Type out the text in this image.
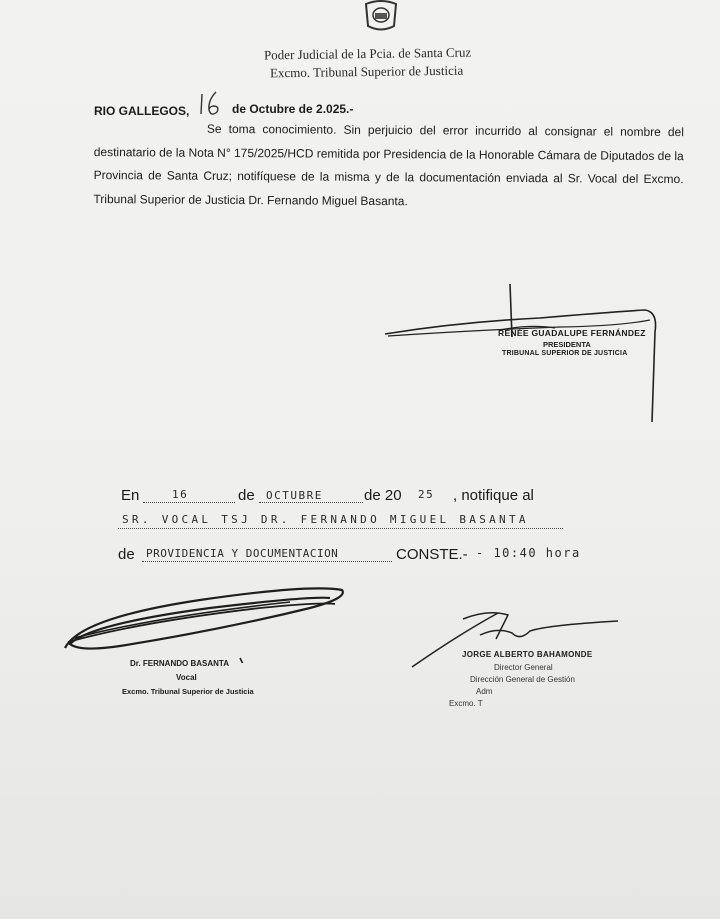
Poder Judicial de la Pcia. de Santa Cruz
Excmo. Tribunal Superior de Justicia
RIO GALLEGOS,	de Octubre de 2.025.-
Se toma conocimiento. Sin perjuicio del error incurrido al consignar el nombre del destinatario de la Nota N° 175/2025/HCD remitida por Presidencia de la Honorable Cámara de Diputados de la Provincia de Santa Cruz; notifíquese de la misma y de la documentación enviada al Sr. Vocal del Excmo. Tribunal Superior de Justicia Dr. Fernando Miguel Basanta.
RENÉE GUADALUPE FERNÁNDEZ
PRESIDENTA
TRIBUNAL SUPERIOR DE JUSTICIA
En	16	de OCTUBRE	de 20 25 , notifique al
SR. VOCAL TSJ DR. FERNANDO MIGUEL BASANTA
de PROVIDENCIA Y DOCUMENTACION	CONSTE.- - 10:40 hora
Dr. FERNANDO BASANTA
Vocal
Excmo. Tribunal Superior de Justicia
JORGE ALBERTO BAHAMONDE
Director General
Dirección General de Gestión
Adm
Excmo. T
